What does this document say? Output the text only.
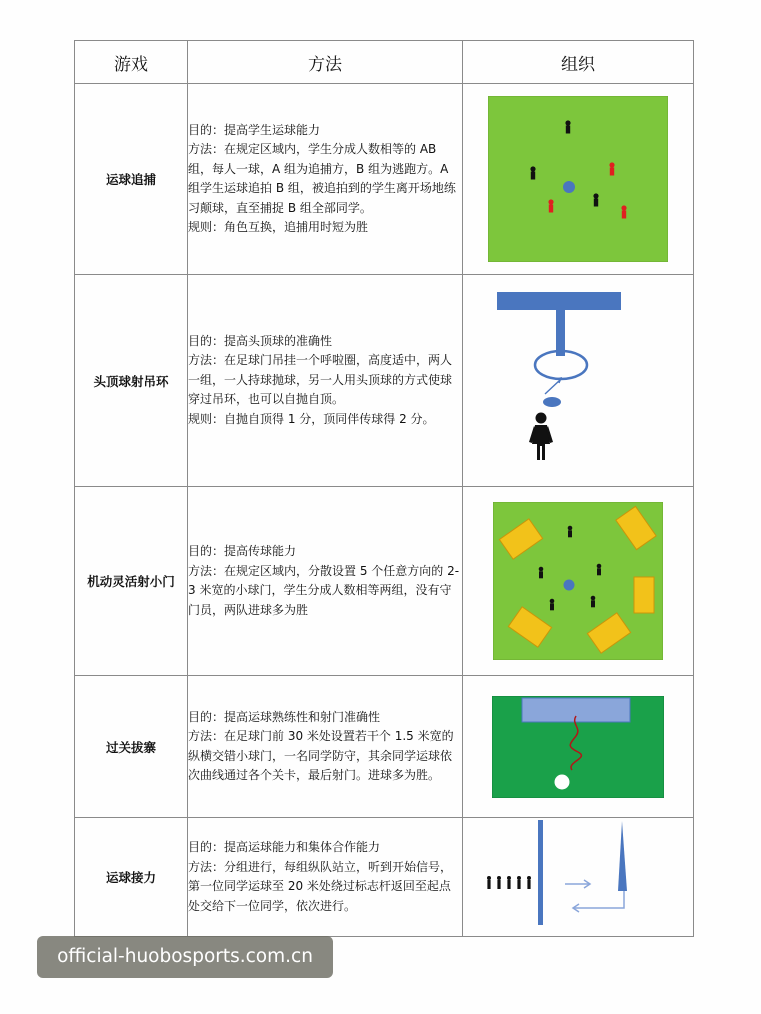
游戏	方法	组织
运球追捕	目的：提高学生运球能力

方法：在规定区域内，学生分成人数相等的 AB 组，每人一球，A 组为追捕方，B 组为逃跑方。A 组学生运球追拍 B 组，被追拍到的学生离开场地练习颠球，直至捕捉 B 组全部同学。

规则：角色互换，追捕用时短为胜

头顶球射吊环	目的：提高头顶球的准确性

方法：在足球门吊挂一个呼啦圈，高度适中，两人一组，一人持球抛球，另一人用头顶球的方式使球穿过吊环，也可以自抛自顶。

规则：自抛自顶得 1 分，顶同伴传球得 2 分。

机动灵活射小门	目的：提高传球能力

方法：在规定区域内，分散设置 5 个任意方向的 2-3 米宽的小球门，学生分成人数相等两组，没有守门员，两队进球多为胜

过关拔寨	目的：提高运球熟练性和射门准确性

方法：在足球门前 30 米处设置若干个 1.5 米宽的纵横交错小球门，一名同学防守，其余同学运球依次曲线通过各个关卡，最后射门。进球多为胜。

运球接力	目的：提高运球能力和集体合作能力

方法：分组进行，每组纵队站立，听到开始信号，第一位同学运球至 20 米处绕过标志杆返回至起点处交给下一位同学，依次进行。

official-huobosports.com.cn
